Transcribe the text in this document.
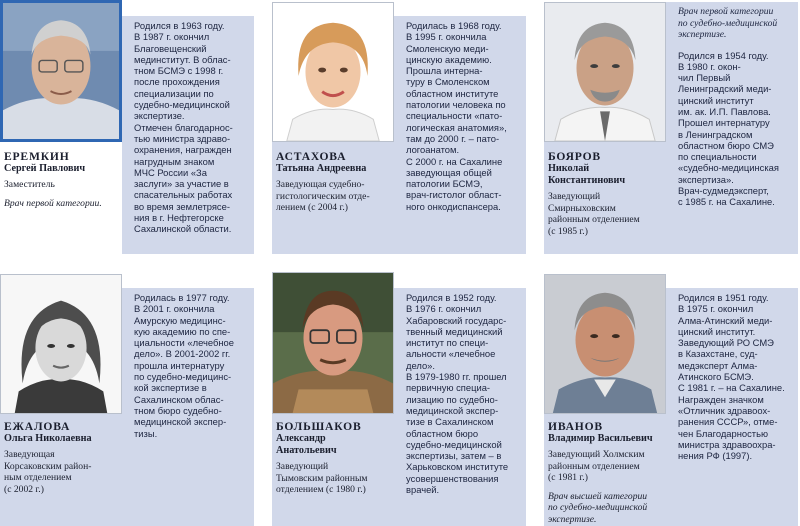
ЕРЕМКИН
Сергей Павлович
Заместитель
Врач первой категории.
Родился в 1963 году.
В 1987 г. окончил
Благовещенский
мединститут. В облас-
тном БСМЭ с 1998 г.
после прохождения
специализации по
судебно-медицинской
экспертизе.
Отмечен благодарнос-
тью министра здраво-
охранения, награжден
нагрудным знаком
МЧС России «За
заслуги» за участие в
спасательных работах
во время землетрясе-
ния в г. Нефтегорске
Сахалинской области.
АСТАХОВА
Татьяна Андреевна
Заведующая судебно-
гистологическим отде-
лением (с 2004 г.)
Родилась в 1968 году.
В 1995 г. окончила
Смоленскую меди-
цинскую академию.
Прошла интерна-
туру в Смоленском
областном институте
патологии человека по
специальности «пато-
логическая анатомия»,
там до 2000 г. – пато-
логоанатом.
С 2000 г. на Сахалине
заведующая общей
патологии БСМЭ,
врач-гистолог област-
ного онкодиспансера.
Врач первой категории
по судебно-медицинской
экспертизе.
Родился в 1954 году.
В 1980 г. окон-
чил Первый
Ленинградский меди-
цинский институт
им. ак. И.П. Павлова.
Прошел интернатуру
в Ленинградском
областном бюро СМЭ
по специальности
«судебно-медицинская
экспертиза».
Врач-судмедэксперт,
с 1985 г. на Сахалине.
БОЯРОВ
Николай
Константинович
Заведующий
Смирныховским
районным отделением
(с 1985 г.)
ЕЖАЛОВА
Ольга Николаевна
Заведующая
Корсаковским район-
ным отделением
(с 2002 г.)
Родилась в 1977 году.
В 2001 г. окончила
Амурскую медицинс-
кую академию по спе-
циальности «лечебное
дело». В 2001-2002 гг.
прошла интернатуру
по судебно-медицинс-
кой экспертизе в
Сахалинском облас-
тном бюро судебно-
медицинской экспер-
тизы.
БОЛЬШАКОВ
Александр
Анатольевич
Заведующий
Тымовским районным
отделением (с 1980 г.)
Родился в 1952 году.
В 1976 г. окончил
Хабаровский государс-
твенный медицинский
институт по специ-
альности «лечебное
дело».
В 1979-1980 гг. прошел
первичную специа-
лизацию по судебно-
медицинской экспер-
тизе в Сахалинском
областном бюро
судебно-медицинской
экспертизы, затем – в
Харьковском институте
усовершенствования
врачей.
ИВАНОВ
Владимир Васильевич
Заведующий Холмским
районным отделением
(с 1981 г.)
Врач высшей категории
по судебно-медицинской
экспертизе.
Родился в 1951 году.
В 1975 г. окончил
Алма-Атинский меди-
цинский институт.
Заведующий РО СМЭ
в Казахстане, суд-
медэксперт Алма-
Атинского БСМЭ.
С 1981 г. – на Сахалине.
Награжден значком
«Отличник здравоох-
ранения СССР», отме-
чен Благодарностью
министра здравоохра-
нения РФ (1997).
